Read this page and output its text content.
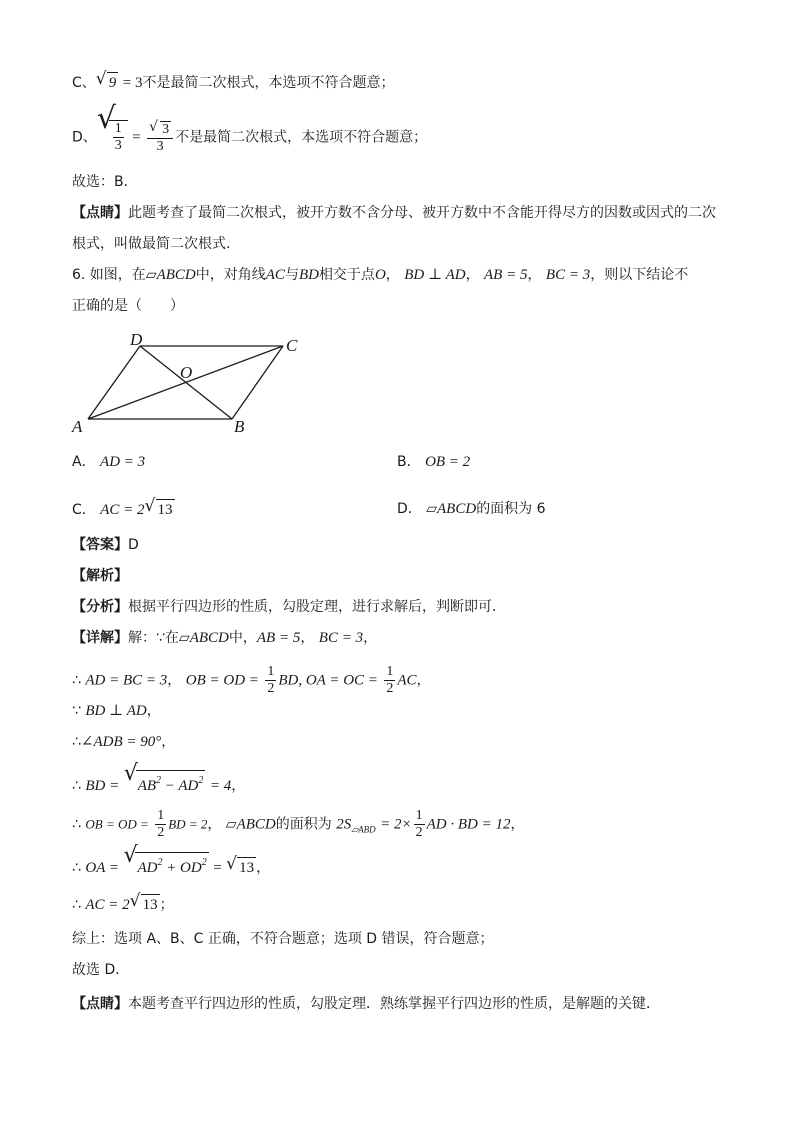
C、 √ 9 = 3不是最简二次根式，本选项不符合题意；
D、
√
$\frac{1}{3} = \frac{√ 3}{3}$ 不是最简二次根式，本选项不符合题意；
故选：B．
【点睛】此题考查了最简二次根式，被开方数不含分母、被开方数中不含能开得尽方的因数或因式的二次
根式，叫做最简二次根式．
6. 如图，在▱ABCD中，对角线AC与BD相交于点O， BD ⊥ AD， AB = 5， BC = 3，则以下结论不
正确的是（　　）
A	B
C
D
O
A． AD = 3	B． OB = 2
C． AC = 2 √ 13	D． ▱ABCD的面积为 6
【答案】D
【解析】
【分析】根据平行四边形的性质，勾股定理，进行求解后，判断即可．
【详解】解：∵在▱ABCD中，AB = 5， BC = 3，
∴ AD = BC = 3， OB = OD = $\frac{1}{2}$ BD, OA = OC = $\frac{1}{2}$ AC，
∵ BD ⊥ AD，
∴∠ADB = 90°，
∴ BD = √ $AB^2 - AD^2 = 4$，
∴ OB = OD = $\frac{1}{2}$ BD = 2， ▱ABCD的面积为 $2S_{▱ABD} = 2\times \frac{1}{2}$ AD · BD = 12，
∴ OA = √ $AD^2 + OD^2$ = √ 13 ，
∴ AC = 2 √ 13 ；
综上：选项 A、B、C 正确，不符合题意；选项 D 错误，符合题意；
故选 D．
【点睛】本题考查平行四边形的性质，勾股定理．熟练掌握平行四边形的性质，是解题的关键．
